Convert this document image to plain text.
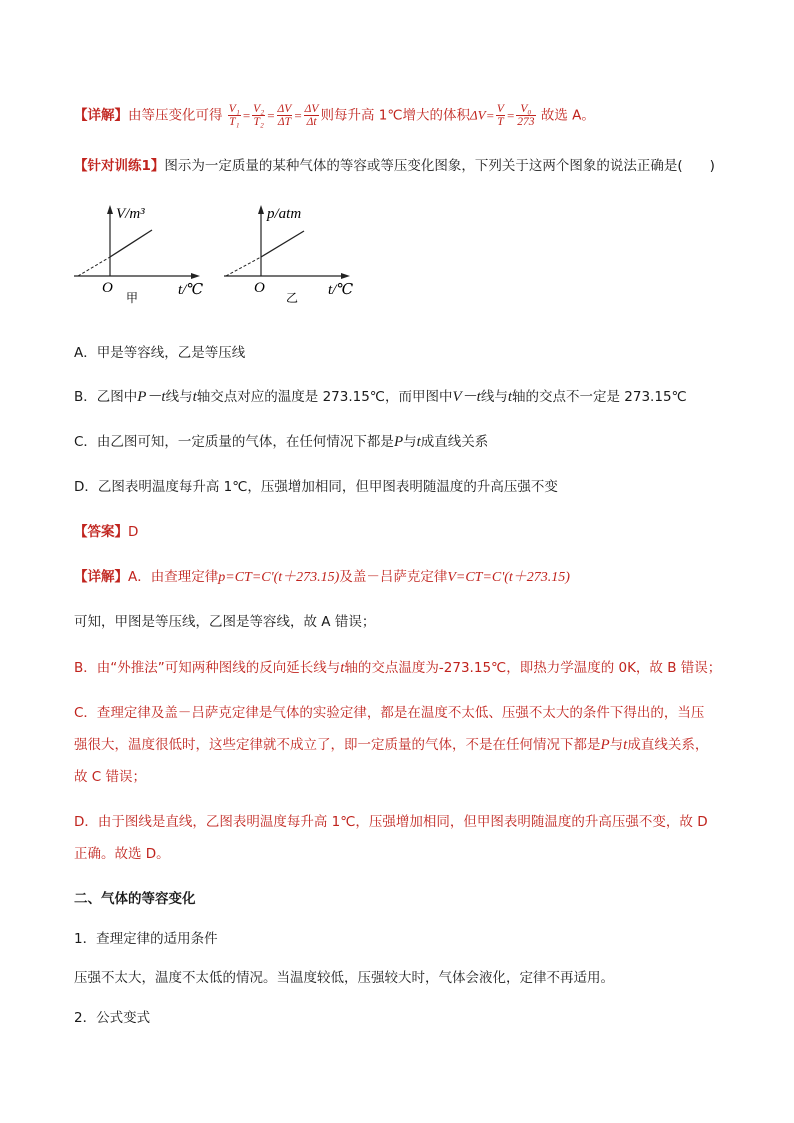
【详解】由等压变化可得 $\frac{\text{V₁}}{\text{T₁}} = \frac{\text{V₂}}{\text{T₂}} = \frac{\Delta V}{\Delta T} = \frac{\Delta V}{\Delta t}$ 则每升高 1℃增大的体积$\Delta V= \frac{V}{T} = \frac{\text{V₀}}{273}$ 故选 A。
【针对训练1】图示为一定质量的某种气体的等容或等压变化图象，下列关于这两个图象的说法正确是(　　)
V/m³
O
甲	t/℃
p/atm
O
乙 t/℃
A．甲是等容线，乙是等压线
B．乙图中P－t线与t轴交点对应的温度是 273.15℃，而甲图中V－t线与t轴的交点不一定是 273.15℃
C．由乙图可知，一定质量的气体，在任何情况下都是P与t成直线关系
D．乙图表明温度每升高 1℃，压强增加相同，但甲图表明随温度的升高压强不变
【答案】D
【详解】A．由查理定律p=CT=C'(t＋273.15)及盖－吕萨克定律V=CT=C'(t＋273.15)
可知，甲图是等压线，乙图是等容线，故 A 错误；
B．由“外推法”可知两种图线的反向延长线与t轴的交点温度为-273.15℃，即热力学温度的 0K，故 B 错误；
C．查理定律及盖－吕萨克定律是气体的实验定律，都是在温度不太低、压强不太大的条件下得出的，当压
强很大，温度很低时，这些定律就不成立了，即一定质量的气体，不是在任何情况下都是P与t成直线关系，
故 C 错误；
D．由于图线是直线，乙图表明温度每升高 1℃，压强增加相同，但甲图表明随温度的升高压强不变，故 D
正确。故选 D。
二、气体的等容变化
1．查理定律的适用条件
压强不太大，温度不太低的情况。当温度较低，压强较大时，气体会液化，定律不再适用。
2．公式变式
